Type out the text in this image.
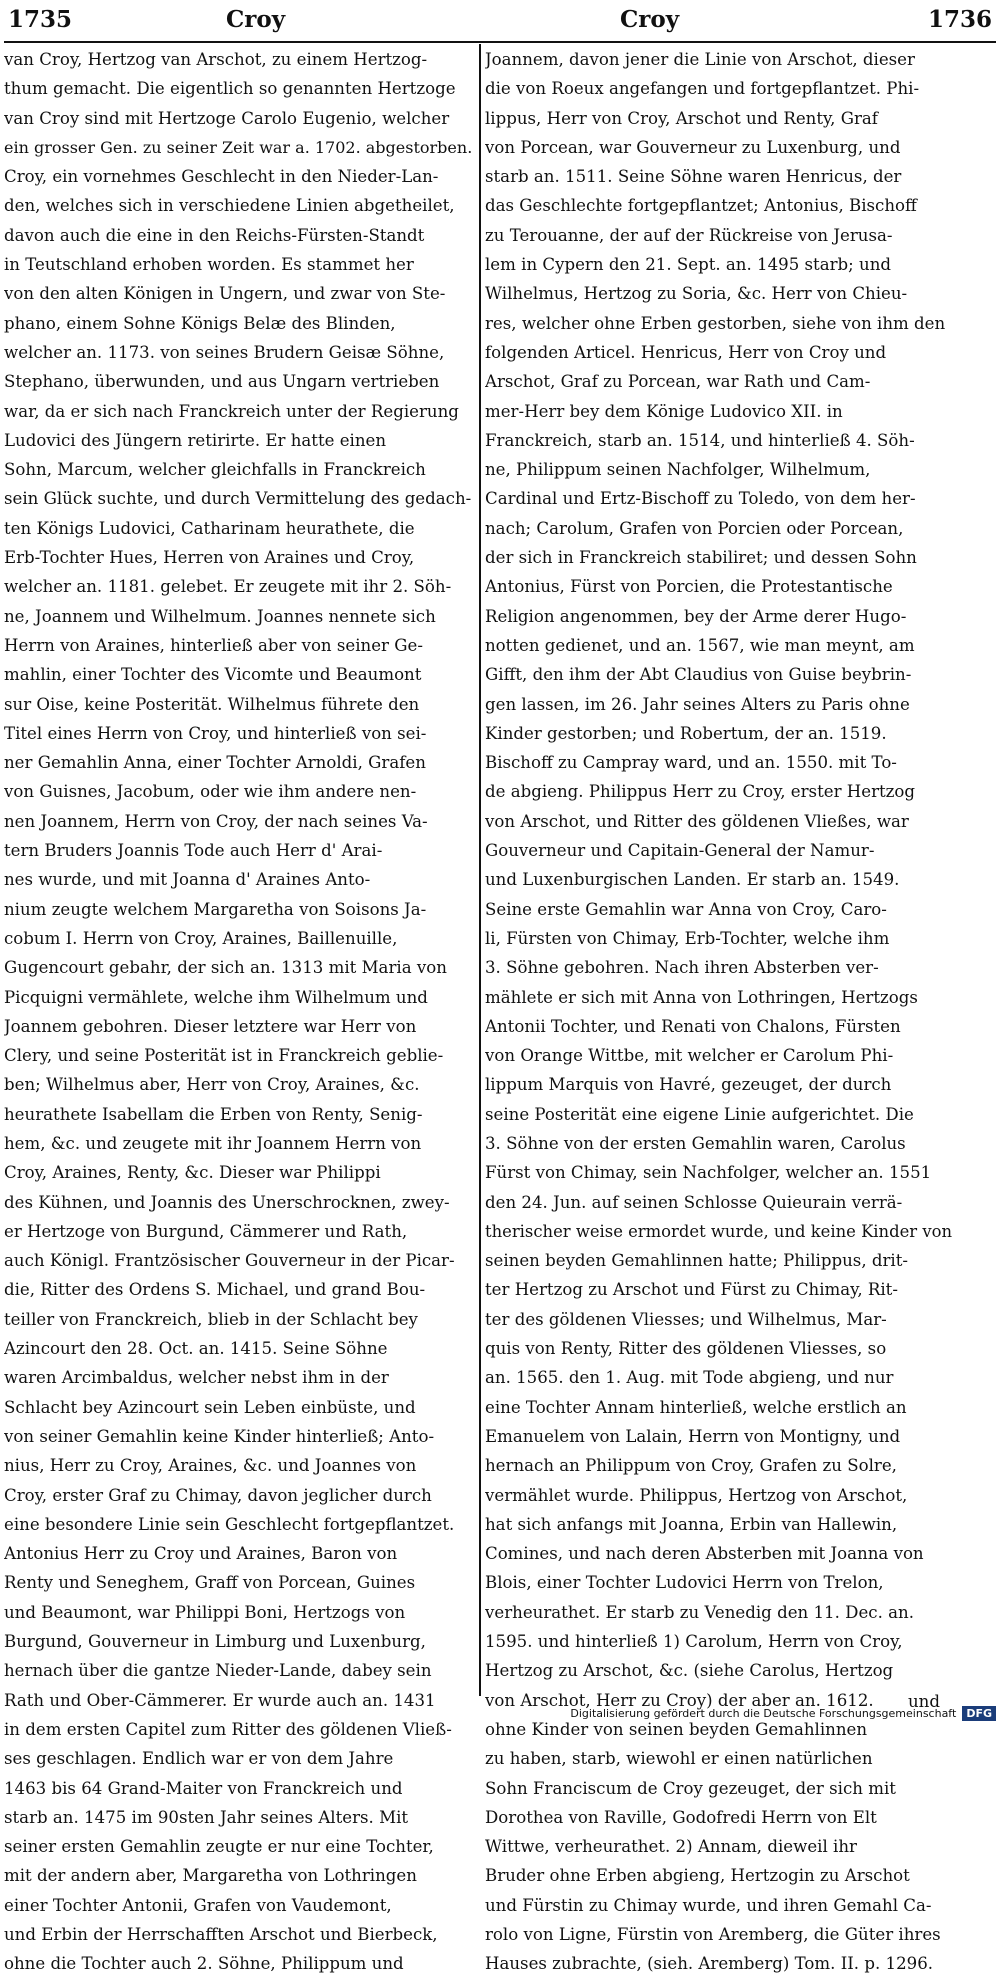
1735	Croy	Croy	1736
van Croy, Hertzog van Arschot, zu einem Hertzog-
thum gemacht. Die eigentlich so genannten Hertzoge
van Croy sind mit Hertzoge Carolo Eugenio, welcher
ein grosser Gen. zu seiner Zeit war a. 1702. abgestorben.
Croy, ein vornehmes Geschlecht in den Nieder-Lan-
den, welches sich in verschiedene Linien abgetheilet,
davon auch die eine in den Reichs-Fürsten-Standt
in Teutschland erhoben worden. Es stammet her
von den alten Königen in Ungern, und zwar von Ste-
phano, einem Sohne Königs Belæ des Blinden,
welcher an. 1173. von seines Brudern Geisæ Söhne,
Stephano, überwunden, und aus Ungarn vertrieben
war, da er sich nach Franckreich unter der Regierung
Ludovici des Jüngern retirirte. Er hatte einen
Sohn, Marcum, welcher gleichfalls in Franckreich
sein Glück suchte, und durch Vermittelung des gedach-
ten Königs Ludovici, Catharinam heurathete, die
Erb-Tochter Hues, Herren von Araines und Croy,
welcher an. 1181. gelebet. Er zeugete mit ihr 2. Söh-
ne, Joannem und Wilhelmum. Joannes nennete sich
Herrn von Araines, hinterließ aber von seiner Ge-
mahlin, einer Tochter des Vicomte und Beaumont
sur Oise, keine Posterität. Wilhelmus führete den
Titel eines Herrn von Croy, und hinterließ von sei-
ner Gemahlin Anna, einer Tochter Arnoldi, Grafen
von Guisnes, Jacobum, oder wie ihm andere nen-
nen Joannem, Herrn von Croy, der nach seines Va-
tern Bruders Joannis Tode auch Herr d' Arai-
nes wurde, und mit Joanna d' Araines Anto-
nium zeugte welchem Margaretha von Soisons Ja-
cobum I. Herrn von Croy, Araines, Baillenuille,
Gugencourt gebahr, der sich an. 1313 mit Maria von
Picquigni vermählete, welche ihm Wilhelmum und
Joannem gebohren. Dieser letztere war Herr von
Clery, und seine Posterität ist in Franckreich geblie-
ben; Wilhelmus aber, Herr von Croy, Araines, &c.
heurathete Isabellam die Erben von Renty, Senig-
hem, &c. und zeugete mit ihr Joannem Herrn von
Croy, Araines, Renty, &c. Dieser war Philippi
des Kühnen, und Joannis des Unerschrocknen, zwey-
er Hertzoge von Burgund, Cämmerer und Rath,
auch Königl. Frantzösischer Gouverneur in der Picar-
die, Ritter des Ordens S. Michael, und grand Bou-
teiller von Franckreich, blieb in der Schlacht bey
Azincourt den 28. Oct. an. 1415. Seine Söhne
waren Arcimbaldus, welcher nebst ihm in der
Schlacht bey Azincourt sein Leben einbüste, und
von seiner Gemahlin keine Kinder hinterließ; Anto-
nius, Herr zu Croy, Araines, &c. und Joannes von
Croy, erster Graf zu Chimay, davon jeglicher durch
eine besondere Linie sein Geschlecht fortgepflantzet.
Antonius Herr zu Croy und Araines, Baron von
Renty und Seneghem, Graff von Porcean, Guines
und Beaumont, war Philippi Boni, Hertzogs von
Burgund, Gouverneur in Limburg und Luxenburg,
hernach über die gantze Nieder-Lande, dabey sein
Rath und Ober-Cämmerer. Er wurde auch an. 1431
in dem ersten Capitel zum Ritter des göldenen Vließ-
ses geschlagen. Endlich war er von dem Jahre
1463 bis 64 Grand-Maiter von Franckreich und
starb an. 1475 im 90sten Jahr seines Alters. Mit
seiner ersten Gemahlin zeugte er nur eine Tochter,
mit der andern aber, Margaretha von Lothringen
einer Tochter Antonii, Grafen von Vaudemont,
und Erbin der Herrschafften Arschot und Bierbeck,
ohne die Tochter auch 2. Söhne, Philippum und
Joannem, davon jener die Linie von Arschot, dieser
die von Roeux angefangen und fortgepflantzet. Phi-
lippus, Herr von Croy, Arschot und Renty, Graf
von Porcean, war Gouverneur zu Luxenburg, und
starb an. 1511. Seine Söhne waren Henricus, der
das Geschlechte fortgepflantzet; Antonius, Bischoff
zu Terouanne, der auf der Rückreise von Jerusa-
lem in Cypern den 21. Sept. an. 1495 starb; und
Wilhelmus, Hertzog zu Soria, &c. Herr von Chieu-
res, welcher ohne Erben gestorben, siehe von ihm den
folgenden Articel. Henricus, Herr von Croy und
Arschot, Graf zu Porcean, war Rath und Cam-
mer-Herr bey dem Könige Ludovico XII. in
Franckreich, starb an. 1514, und hinterließ 4. Söh-
ne, Philippum seinen Nachfolger, Wilhelmum,
Cardinal und Ertz-Bischoff zu Toledo, von dem her-
nach; Carolum, Grafen von Porcien oder Porcean,
der sich in Franckreich stabiliret; und dessen Sohn
Antonius, Fürst von Porcien, die Protestantische
Religion angenommen, bey der Arme derer Hugo-
notten gedienet, und an. 1567, wie man meynt, am
Gifft, den ihm der Abt Claudius von Guise beybrin-
gen lassen, im 26. Jahr seines Alters zu Paris ohne
Kinder gestorben; und Robertum, der an. 1519.
Bischoff zu Campray ward, und an. 1550. mit To-
de abgieng. Philippus Herr zu Croy, erster Hertzog
von Arschot, und Ritter des göldenen Vließes, war
Gouverneur und Capitain-General der Namur-
und Luxenburgischen Landen. Er starb an. 1549.
Seine erste Gemahlin war Anna von Croy, Caro-
li, Fürsten von Chimay, Erb-Tochter, welche ihm
3. Söhne gebohren. Nach ihren Absterben ver-
mählete er sich mit Anna von Lothringen, Hertzogs
Antonii Tochter, und Renati von Chalons, Fürsten
von Orange Wittbe, mit welcher er Carolum Phi-
lippum Marquis von Havré, gezeuget, der durch
seine Posterität eine eigene Linie aufgerichtet. Die
3. Söhne von der ersten Gemahlin waren, Carolus
Fürst von Chimay, sein Nachfolger, welcher an. 1551
den 24. Jun. auf seinen Schlosse Quieurain verrä-
therischer weise ermordet wurde, und keine Kinder von
seinen beyden Gemahlinnen hatte; Philippus, drit-
ter Hertzog zu Arschot und Fürst zu Chimay, Rit-
ter des göldenen Vliesses; und Wilhelmus, Mar-
quis von Renty, Ritter des göldenen Vliesses, so
an. 1565. den 1. Aug. mit Tode abgieng, und nur
eine Tochter Annam hinterließ, welche erstlich an
Emanuelem von Lalain, Herrn von Montigny, und
hernach an Philippum von Croy, Grafen zu Solre,
vermählet wurde. Philippus, Hertzog von Arschot,
hat sich anfangs mit Joanna, Erbin van Hallewin,
Comines, und nach deren Absterben mit Joanna von
Blois, einer Tochter Ludovici Herrn von Trelon,
verheurathet. Er starb zu Venedig den 11. Dec. an.
1595. und hinterließ 1) Carolum, Herrn von Croy,
Hertzog zu Arschot, &c. (siehe Carolus, Hertzog
von Arschot, Herr zu Croy) der aber an. 1612.
ohne Kinder von seinen beyden Gemahlinnen
zu haben, starb, wiewohl er einen natürlichen
Sohn Franciscum de Croy gezeuget, der sich mit
Dorothea von Raville, Godofredi Herrn von Elt
Wittwe, verheurathet. 2) Annam, dieweil ihr
Bruder ohne Erben abgieng, Hertzogin zu Arschot
und Fürstin zu Chimay wurde, und ihren Gemahl Ca-
rolo von Ligne, Fürstin von Aremberg, die Güter ihres
Hauses zubrachte, (sieh. Aremberg) Tom. II. p. 1296.
und
Digitalisierung gefördert durch die Deutsche Forschungsgemeinschaft DFG
